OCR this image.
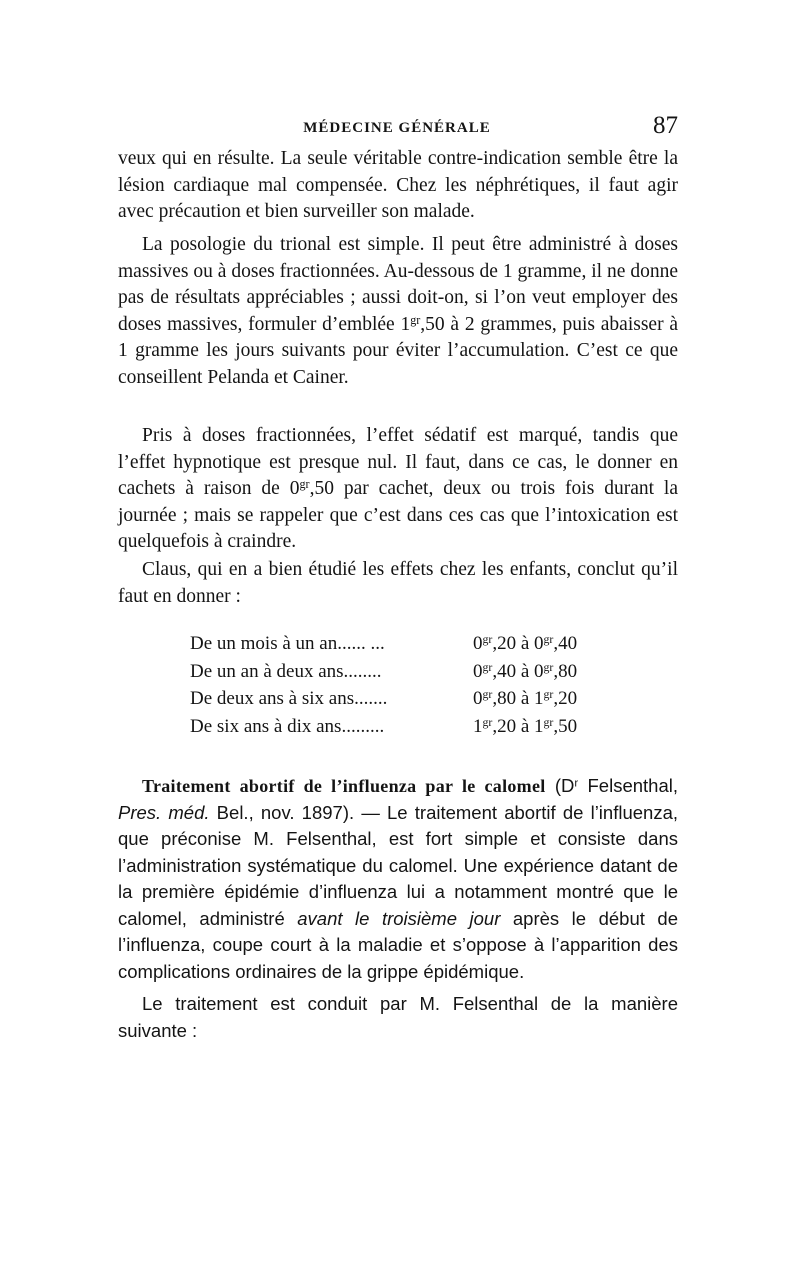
MÉDECINE GÉNÉRALE	87

veux qui en résulte. La seule véritable contre-indication semble être la lésion cardiaque mal compensée. Chez les néphrétiques, il faut agir avec précaution et bien surveiller son malade.

La posologie du trional est simple. Il peut être administré à doses massives ou à doses fractionnées. Au-dessous de 1 gramme, il ne donne pas de résultats appréciables ; aussi doit-on, si l’on veut employer des doses massives, formuler d’emblée $1^{gr},50$ à 2 grammes, puis abaisser à 1 gramme les jours suivants pour éviter l’accumulation. C’est ce que conseillent Pelanda et Cainer.

Pris à doses fractionnées, l’effet sédatif est marqué, tandis que l’effet hypnotique est presque nul. Il faut, dans ce cas, le donner en cachets à raison de $0^{gr},50$ par cachet, deux ou trois fois durant la journée ; mais se rappeler que c’est dans ces cas que l’intoxication est quelquefois à craindre.

Claus, qui en a bien étudié les effets chez les enfants, conclut qu’il faut en donner :

De un mois à un an...... ...	$0^{gr},20$ à $0^{gr},40$
De un an à deux ans........	$0^{gr},40$ à $0^{gr},80$
De deux ans à six ans.......	$0^{gr},80$ à $1^{gr},20$
De six ans à dix ans.........	$1^{gr},20$ à $1^{gr},50$

Traitement abortif de l’influenza par le calomel ($D^r$ Felsenthal, Pres. méd. Bel., nov. 1897). — Le traitement abortif de l’influenza, que préconise M. Felsenthal, est fort simple et consiste dans l’administration systématique du calomel. Une expérience datant de la première épidémie d’influenza lui a notamment montré que le calomel, administré avant le troisième jour après le début de l’influenza, coupe court à la maladie et s’oppose à l’apparition des complications ordinaires de la grippe épidémique.

Le traitement est conduit par M. Felsenthal de la manière suivante :
